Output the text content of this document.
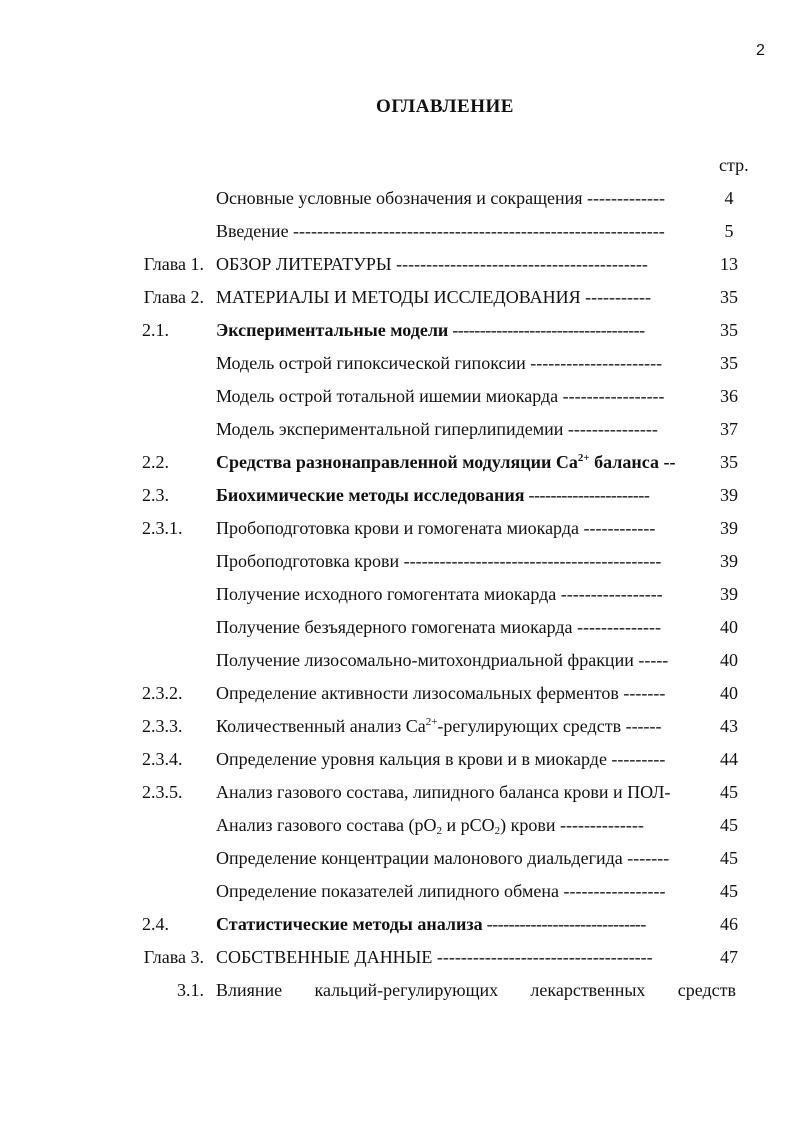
2
ОГЛАВЛЕНИЕ
стр.
Основные условные обозначения и сокращения -------------	4
Введение --------------------------------------------------------------	5
Глава 1. ОБЗОР ЛИТЕРАТУРЫ ------------------------------------------	13
Глава 2. МАТЕРИАЛЫ И МЕТОДЫ ИССЛЕДОВАНИЯ -----------	35
2.1.	Экспериментальные модели -----------------------------------	35
Модель острой гипоксической гипоксии ----------------------	35
Модель острой тотальной ишемии миокарда -----------------	36
Модель экспериментальной гиперлипидемии ---------------	37
2.2.	Средства разнонаправленной модуляции $Ca^{2+}$ баланса --	35
2.3.	Биохимические методы исследования ----------------------	39
2.3.1.	Пробоподготовка крови и гомогената миокарда ------------	39
Пробоподготовка крови -------------------------------------------	39
Получение исходного гомогентата миокарда -----------------	39
Получение безъядерного гомогената миокарда --------------	40
Получение лизосомально-митохондриальной фракции -----	40
2.3.2.	Определение активности лизосомальных ферментов -------	40
2.3.3.	Количественный анализ $Ca^{2+}$-регулирующих средств ------	43
2.3.4.	Определение уровня кальция в крови и в миокарде ---------	44
2.3.5.	Анализ газового состава, липидного баланса крови и ПОЛ-	45
Анализ газового состава ($pO_2$ и pCO$_2$) крови --------------	45
Определение концентрации малонового диальдегида -------	45
Определение показателей липидного обмена -----------------	45
2.4.	Статистические методы анализа -----------------------------	46
Глава 3. СОБСТВЕННЫЕ ДАННЫЕ ------------------------------------	47
3.1. Влияние кальций-регулирующих лекарственных средств
